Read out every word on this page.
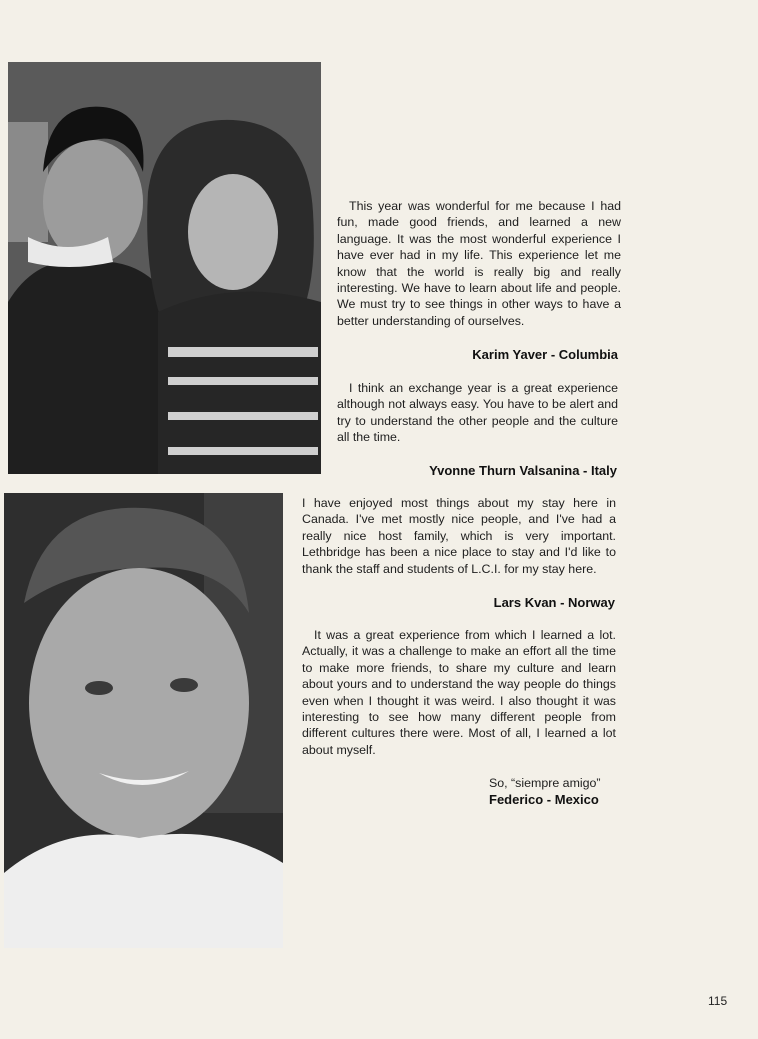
This year was wonderful for me because I had fun, made good friends, and learned a new language. It was the most wonderful experience I have ever had in my life. This experience let me know that the world is really big and really interesting. We have to learn about life and people. We must try to see things in other ways to have a better understanding of ourselves.

Karim Yaver - Columbia

I think an exchange year is a great experience although not always easy. You have to be alert and try to understand the other people and the culture all the time.

Yvonne Thurn Valsanina - Italy

I have enjoyed most things about my stay here in Canada. I've met mostly nice people, and I've had a really nice host family, which is very important. Lethbridge has been a nice place to stay and I'd like to thank the staff and students of L.C.I. for my stay here.

Lars Kvan - Norway

It was a great experience from which I learned a lot. Actually, it was a challenge to make an effort all the time to make more friends, to share my culture and learn about yours and to understand the way people do things even when I thought it was weird. I also thought it was interesting to see how many different people from different cultures there were. Most of all, I learned a lot about myself.

So, “siempre amigo”

Federico - Mexico

115
